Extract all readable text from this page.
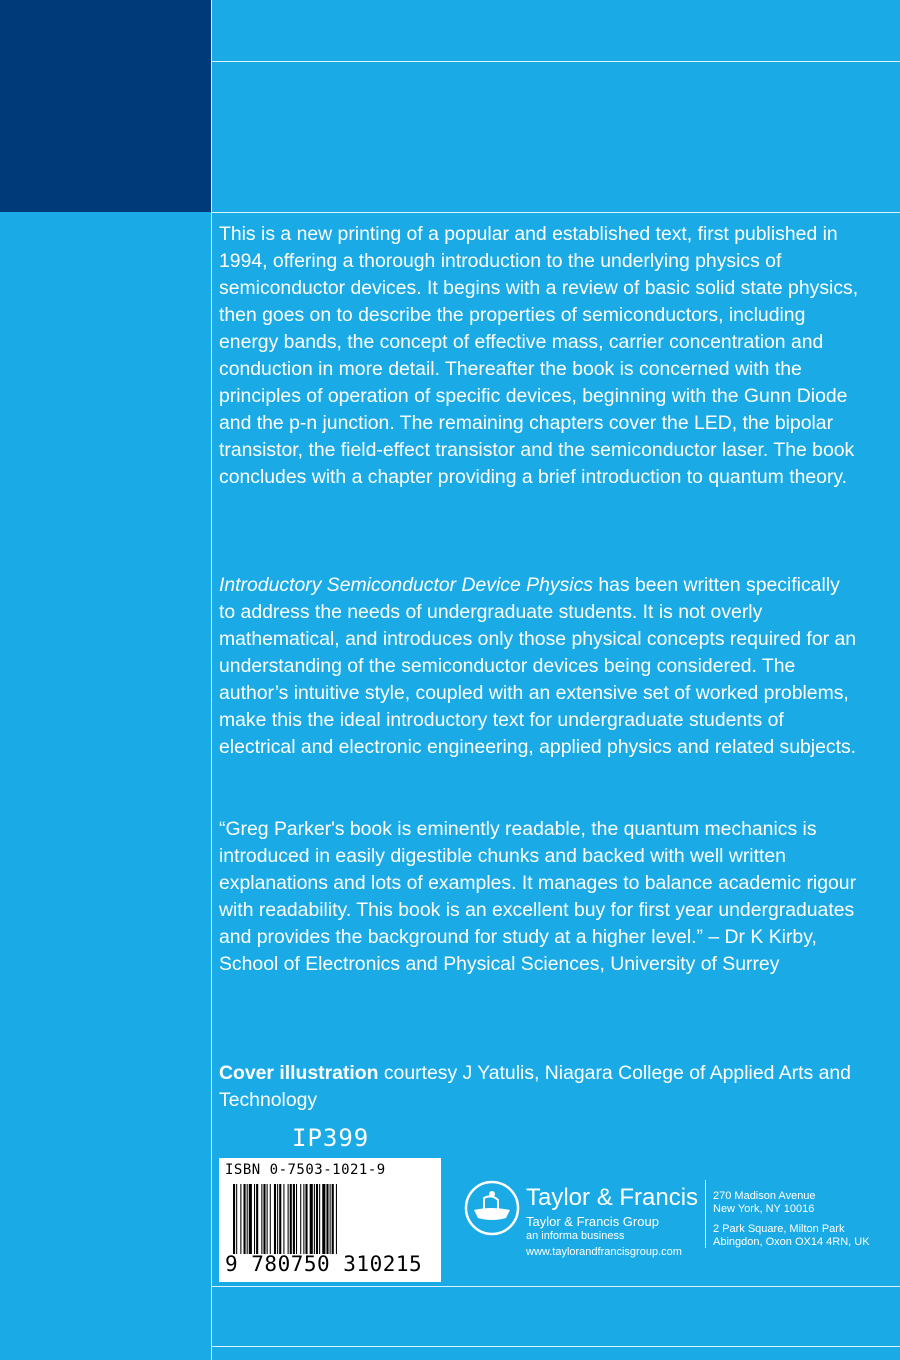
This is a new printing of a popular and established text, first published in 1994, offering a thorough introduction to the underlying physics of semiconductor devices. It begins with a review of basic solid state physics, then goes on to describe the properties of semiconductors, including energy bands, the concept of effective mass, carrier concentration and conduction in more detail. Thereafter the book is concerned with the principles of operation of specific devices, beginning with the Gunn Diode and the p-n junction. The remaining chapters cover the LED, the bipolar transistor, the field-effect transistor and the semiconductor laser. The book concludes with a chapter providing a brief introduction to quantum theory.

Introductory Semiconductor Device Physics has been written specifically to address the needs of undergraduate students. It is not overly mathematical, and introduces only those physical concepts required for an understanding of the semiconductor devices being considered. The author’s intuitive style, coupled with an extensive set of worked problems, make this the ideal introductory text for undergraduate students of electrical and electronic engineering, applied physics and related subjects.

“Greg Parker's book is eminently readable, the quantum mechanics is introduced in easily digestible chunks and backed with well written explanations and lots of examples. It manages to balance academic rigour with readability. This book is an excellent buy for first year undergraduates and provides the background for study at a higher level.” – Dr K Kirby, School of Electronics and Physical Sciences, University of Surrey

Cover illustration courtesy J Yatulis, Niagara College of Applied Arts and Technology

IP399
ISBN 0-7503-1021-9
9 780750 310215
Taylor & Francis
Taylor & Francis Group
an informa business
www.taylorandfrancisgroup.com

270 Madison Avenue

New York, NY 10016

2 Park Square, Milton Park

Abingdon, Oxon OX14 4RN, UK
